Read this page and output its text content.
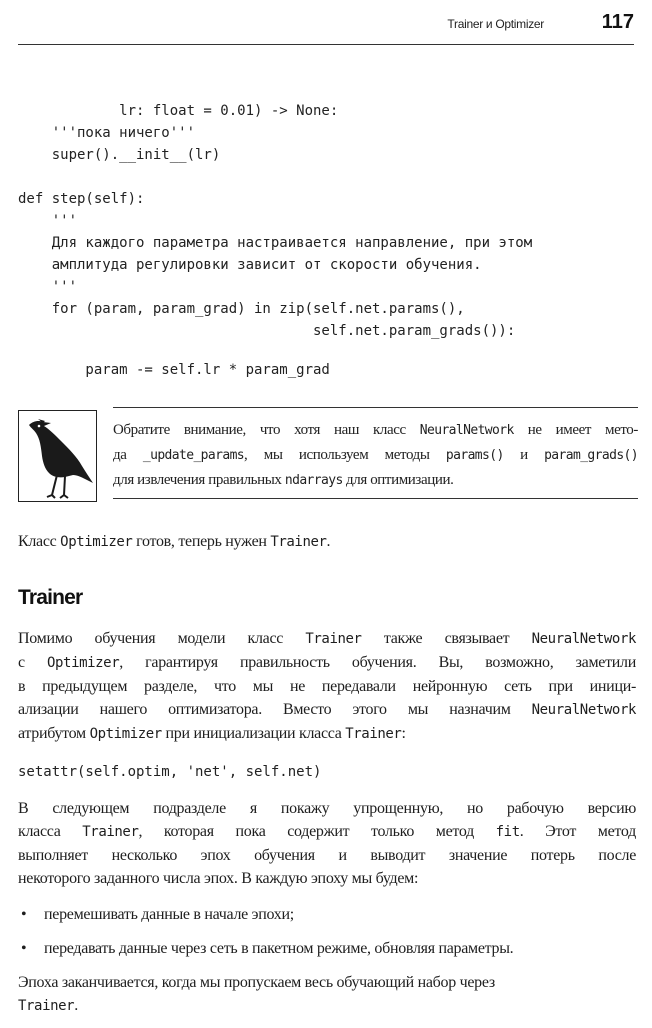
Trainer и Optimizer	117
lr: float = 0.01) -> None:
'''пока ничего'''
super().__init__(lr)

def step(self):
'''
Для каждого параметра настраивается направление, при этом
амплитуда регулировки зависит от скорости обучения.
'''
for (param, param_grad) in zip(self.net.params(),
self.net.param_grads()):
param -= self.lr * param_grad
Обратите внимание, что хотя наш класс NeuralNetwork не имеет мето-
да _update_params, мы используем методы params() и param_grads()
для извлечения правильных ndarrays для оптимизации.
Класс Optimizer готов, теперь нужен Trainer.
Trainer
Помимо обучения модели класс Trainer также связывает NeuralNetwork
с Optimizer, гарантируя правильность обучения. Вы, возможно, заметили
в предыдущем разделе, что мы не передавали нейронную сеть при иници-
ализации нашего оптимизатора. Вместо этого мы назначим NeuralNetwork
атрибутом Optimizer при инициализации класса Trainer:
setattr(self.optim, 'net', self.net)
В следующем подразделе я покажу упрощенную, но рабочую версию
класса Trainer, которая пока содержит только метод fit. Этот метод
выполняет несколько эпох обучения и выводит значение потерь после
некоторого заданного числа эпох. В каждую эпоху мы будем:
• перемешивать данные в начале эпохи;
• передавать данные через сеть в пакетном режиме, обновляя параметры.
Эпоха заканчивается, когда мы пропускаем весь обучающий набор через
Trainer.
